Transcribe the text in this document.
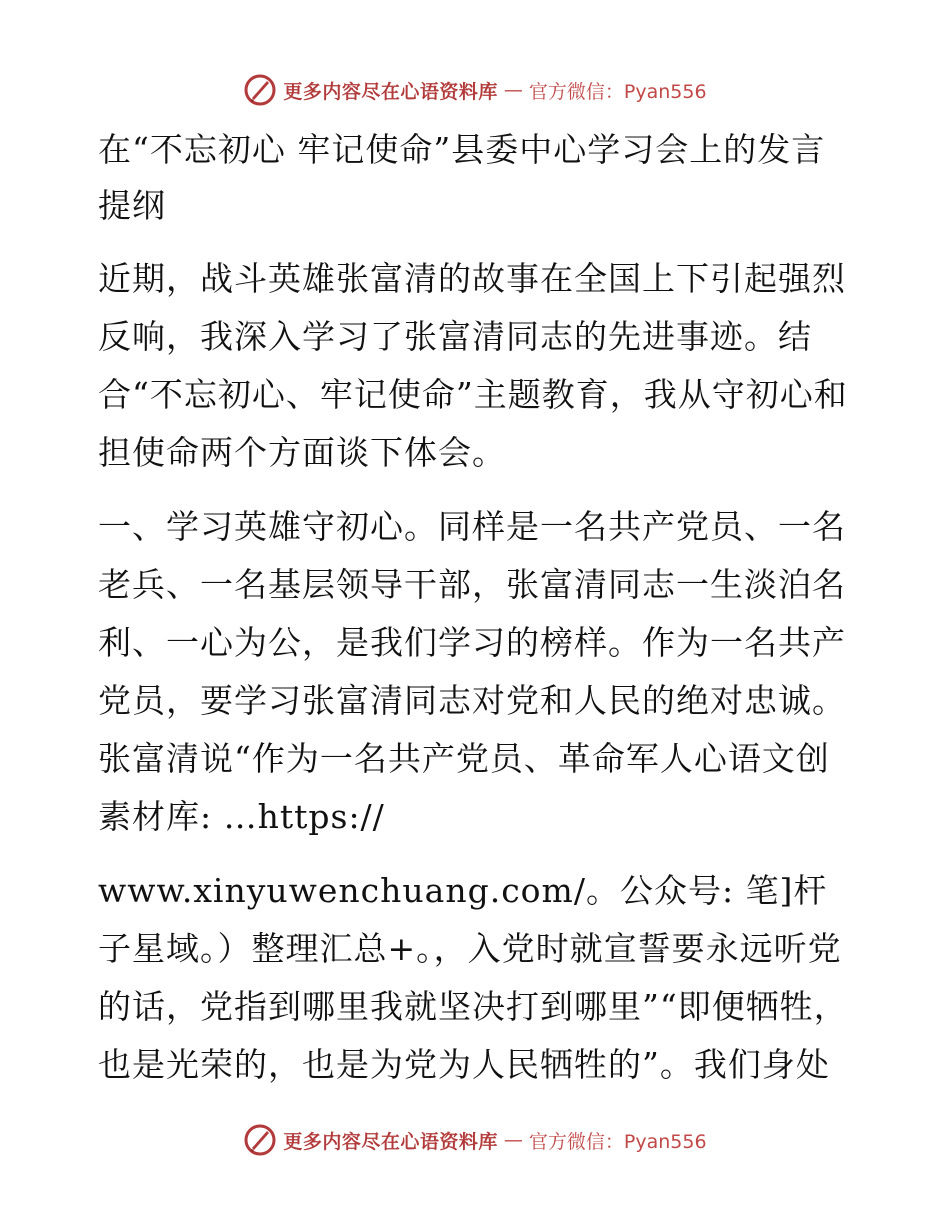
更多内容尽在心语资料库 — 官方微信：Pyan556
在“不忘初心 牢记使命”县委中心学习会上的发言提纲

近期，战斗英雄张富清的故事在全国上下引起强烈反响，我深入学习了张富清同志的先进事迹。结合“不忘初心、牢记使命”主题教育，我从守初心和担使命两个方面谈下体会。

一、学习英雄守初心。同样是一名共产党员、一名老兵、一名基层领导干部，张富清同志一生淡泊名利、一心为公，是我们学习的榜样。作为一名共产党员，要学习张富清同志对党和人民的绝对忠诚。张富清说“作为一名共产党员、革命军人心语文创素材库: …https://

www.xinyuwenchuang.com/。公众号: 笔]杆子星域。）整理汇总+。，入党时就宣誓要永远听党的话，党指到哪里我就坚决打到哪里”“即便牺牲，也是光荣的，也是为党为人民牺牲的”。我们身处

更多内容尽在心语资料库 — 官方微信：Pyan556
